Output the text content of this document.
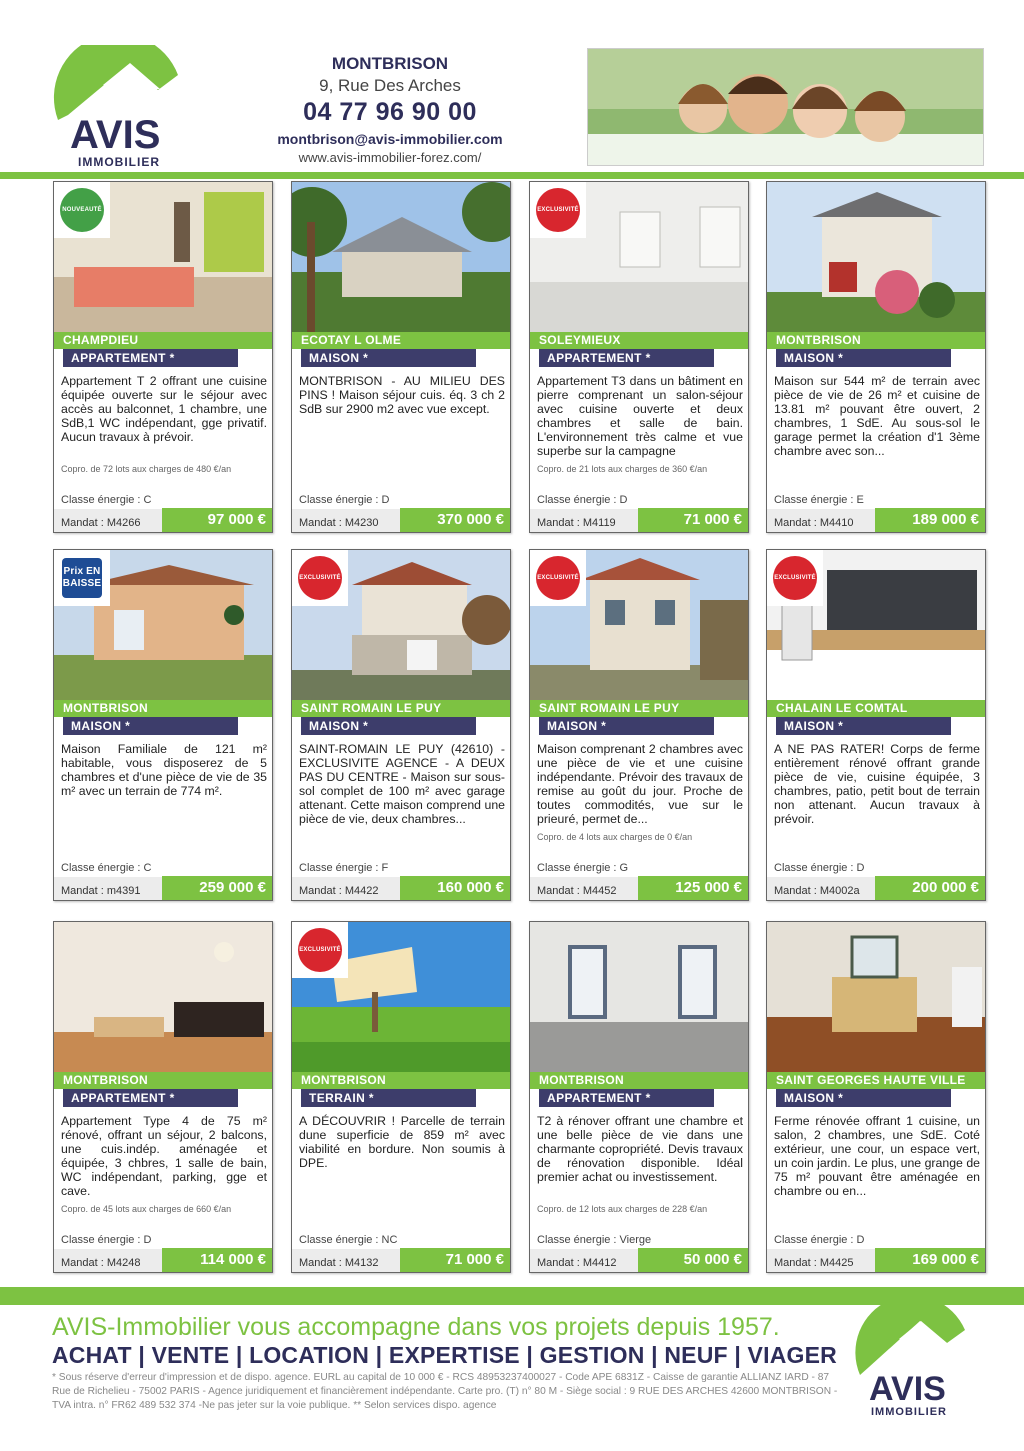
AVIS
IMMOBILIER
MONTBRISON
9, Rue Des Arches
04 77 96 90 00
montbrison@avis-immobilier.com
www.avis-immobilier-forez.com/
NOUVEAUTÉ
CHAMPDIEU
APPARTEMENT *
Appartement T 2 offrant une cuisine équipée ouverte sur le séjour avec accès au balconnet, 1 chambre, une SdB,1 WC indépendant, gge privatif. Aucun travaux à prévoir.
Copro. de 72 lots aux charges de 480 €/an
Classe énergie : C
Mandat : M4266	97 000 €
ECOTAY L OLME
MAISON *
MONTBRISON - AU MILIEU DES PINS ! Maison séjour cuis. éq. 3 ch 2 SdB sur 2900 m2 avec vue except.
Classe énergie : D
Mandat : M4230	370 000 €
EXCLUSIVITÉ
SOLEYMIEUX
APPARTEMENT *
Appartement T3 dans un bâtiment en pierre comprenant un salon-séjour avec cuisine ouverte et deux chambres et salle de bain. L'environnement très calme et vue superbe sur la campagne
Copro. de 21 lots aux charges de 360 €/an
Classe énergie : D
Mandat : M4119	71 000 €
MONTBRISON
MAISON *
Maison sur 544 m² de terrain avec pièce de vie de 26 m² et cuisine de 13.81 m² pouvant être ouvert, 2 chambres, 1 SdE. Au sous-sol le garage permet la création d'1 3ème chambre avec son...
Classe énergie : E
Mandat : M4410	189 000 €
Prix EN BAISSE
MONTBRISON
MAISON *
Maison Familiale de 121 m² habitable, vous disposerez de 5 chambres et d'une pièce de vie de 35 m² avec un terrain de 774 m².
Classe énergie : C
Mandat : m4391	259 000 €
EXCLUSIVITÉ
SAINT ROMAIN LE PUY
MAISON *
SAINT-ROMAIN LE PUY (42610) - EXCLUSIVITE AGENCE - A DEUX PAS DU CENTRE - Maison sur sous-sol complet de 100 m² avec garage attenant. Cette maison comprend une pièce de vie, deux chambres...
Classe énergie : F
Mandat : M4422	160 000 €
EXCLUSIVITÉ
SAINT ROMAIN LE PUY
MAISON *
Maison comprenant 2 chambres avec une pièce de vie et une cuisine indépendante. Prévoir des travaux de remise au goût du jour. Proche de toutes commodités, vue sur le prieuré, permet de...
Copro. de 4 lots aux charges de 0 €/an
Classe énergie : G
Mandat : M4452	125 000 €
EXCLUSIVITÉ
CHALAIN LE COMTAL
MAISON *
A NE PAS RATER! Corps de ferme entièrement rénové offrant grande pièce de vie, cuisine équipée, 3 chambres, patio, petit bout de terrain non attenant. Aucun travaux à prévoir.
Classe énergie : D
Mandat : M4002a	200 000 €
MONTBRISON
APPARTEMENT *
Appartement Type 4 de 75 m² rénové, offrant un séjour, 2 balcons, une cuis.indép. aménagée et équipée, 3 chbres, 1 salle de bain, WC indépendant, parking, gge et cave.
Copro. de 45 lots aux charges de 660 €/an
Classe énergie : D
Mandat : M4248	114 000 €
EXCLUSIVITÉ
MONTBRISON
TERRAIN *
A DÉCOUVRIR ! Parcelle de terrain dune superficie de 859 m² avec viabilité en bordure. Non soumis à DPE.
Classe énergie : NC
Mandat : M4132	71 000 €
MONTBRISON
APPARTEMENT *
T2 à rénover offrant une chambre et une belle pièce de vie dans une charmante copropriété. Devis travaux de rénovation disponible. Idéal premier achat ou investissement.
Copro. de 12 lots aux charges de 228 €/an
Classe énergie : Vierge
Mandat : M4412	50 000 €
SAINT GEORGES HAUTE VILLE
MAISON *
Ferme rénovée offrant 1 cuisine, un salon, 2 chambres, une SdE. Coté extérieur, une cour, un espace vert, un coin jardin. Le plus, une grange de 75 m² pouvant être aménagée en chambre ou en...
Classe énergie : D
Mandat : M4425	169 000 €
AVIS-Immobilier vous accompagne dans vos projets depuis 1957.
ACHAT | VENTE | LOCATION | EXPERTISE | GESTION | NEUF | VIAGER
* Sous réserve d'erreur d'impression et de dispo. agence. EURL au capital de 10 000 € - RCS 48953237400027 - Code APE 6831Z - Caisse de garantie ALLIANZ IARD - 87 Rue de Richelieu - 75002 PARIS - Agence juridiquement et financièrement indépendante. Carte pro. (T) n° 80 M - Siège social : 9 RUE DES ARCHES 42600 MONTBRISON - TVA intra. n° FR62 489 532 374 -Ne pas jeter sur la voie publique. ** Selon services dispo. agence	AVIS
IMMOBILIER
